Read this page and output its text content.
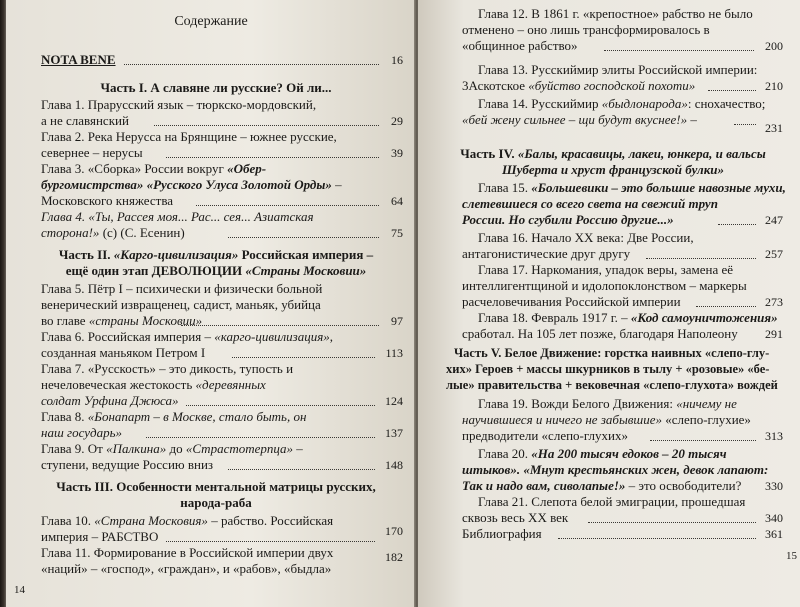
Содержание
NOTA BENE	16
Часть I. А славяне ли русские? Ой ли...
Глава 1. Прарусский язык – тюркско-мордовский,
а не славянский	29
Глава 2. Река Нерусса на Брянщине – южнее русские,
севернее – нерусы	39
Глава 3. «Сборка» России вокруг «Обер-
бургомистрства» «Русского Улуса Золотой Орды» –
Московского княжества	64
Глава 4. «Ты, Рассея моя... Рас... сея... Азиатская
сторона!» (с) (С. Есенин)	75
Часть II. «Карго-цивилизация» Российская империя –
ещё один этап ДЕВОЛЮЦИИ «Страны Московии»
Глава 5. Пётр I – психически и физически больной
венерический извращенец, садист, маньяк, убийца
во главе «страны Московии»	97
Глава 6. Российская империя – «карго-цивилизация»,
созданная маньяком Петром I	113
Глава 7. «Русскость» – это дикость, тупость и
нечеловеческая жестокость «деревянных
солдат Урфина Джюса»	124
Глава 8. «Бонапарт – в Москве, стало быть, он
наш государь»	137
Глава 9. От «Палкина» до «Страстотерпца» –
ступени, ведущие Россию вниз	148
Часть III. Особенности ментальной матрицы русских,
народа-раба
Глава 10. «Страна Московия» – рабство. Российская
империя – РАБСТВО	170
Глава 11. Формирование в Российской империи двух
«наций» – «господ», «граждан», и «рабов», «быдла»
182
14
Глава 12. В 1861 г. «крепостное» рабство не было
отменено – оно лишь трансформировалось в
«общинное рабство»	200
Глава 13. Русскиймир элиты Российской империи:
3Аскотское «буйство господской похоти»	210
Глава 14. Русскиймир «быдлонарода»: снохачество;
«бей жену сильнее – щи будут вкуснее!» –
231
Часть IV. «Балы, красавицы, лакеи, юнкера, и вальсы
Шуберта и хруст французской булки»
Глава 15. «Большевики – это большие навозные мухи,
слетевшиеся со всего света на свежий труп
России. Но сгубили Россию другие...»	247
Глава 16. Начало XX века: Две России,
антагонистические друг другу	257
Глава 17. Наркомания, упадок веры, замена её
интеллигентщиной и идолопоклонством – маркеры
расчеловечивания Российской империи	273
Глава 18. Февраль 1917 г. – «Код самоуничтожения»
сработал. На 105 лет позже, благодаря Наполеону	291
Часть V. Белое Движение: горстка наивных «слепо-глу-
хих» Героев + массы шкурников в тылу + «розовые» «бе-
лые» правительства + вековечная «слепо-глухота» вождей
Глава 19. Вожди Белого Движения: «ничему не
научившиеся и ничего не забывшие» «слепо-глухие»
предводители «слепо-глухих»	313
Глава 20. «На 200 тысяч едоков – 20 тысяч
штыков». «Мнут крестьянских жен, девок лапают:
Так и надо вам, сиволапые!» – это освободители?	330
Глава 21. Слепота белой эмиграции, прошедшая
сквозь весь XX век	340
Библиография	361
15
